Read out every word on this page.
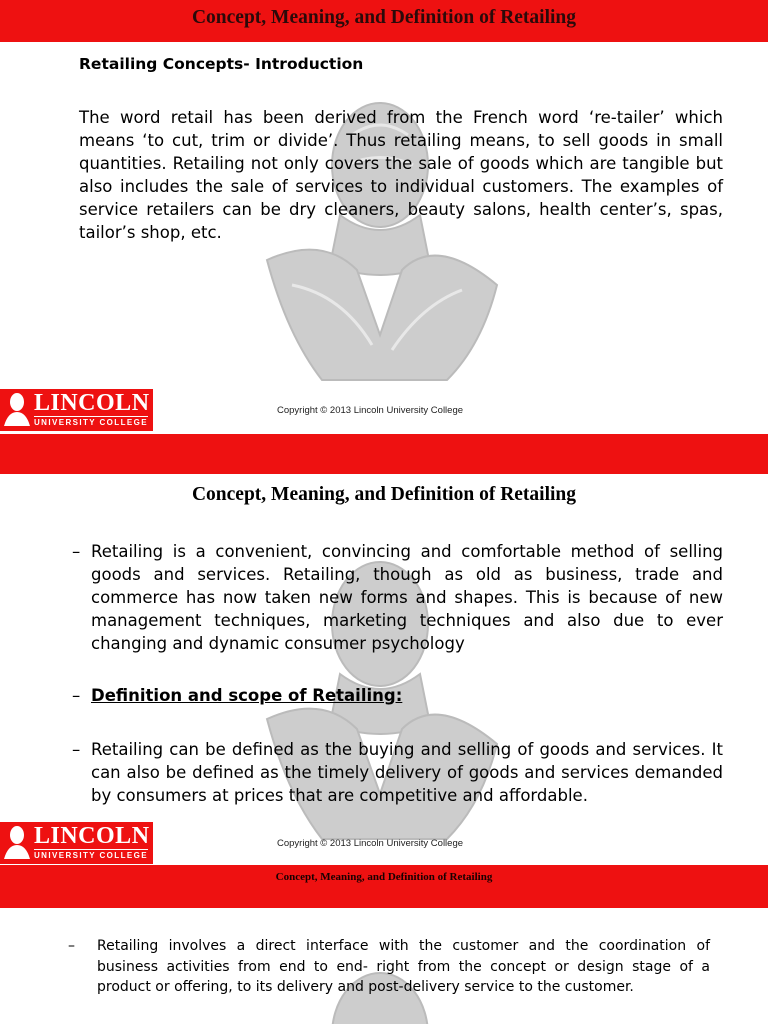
Concept, Meaning, and Definition of Retailing
Retailing Concepts- Introduction
The word retail has been derived from the French word ‘re-tailer’ which means ‘to cut, trim or divide’. Thus retailing means, to sell goods in small quantities. Retailing not only covers the sale of goods which are tangible but also includes the sale of services to individual customers. The examples of service retailers can be dry cleaners, beauty salons, health center’s, spas, tailor’s shop, etc.
LINCOLN
UNIVERSITY COLLEGE
Copyright © 2013 Lincoln University College
Concept, Meaning, and Definition of Retailing
– Retailing is a convenient, convincing and comfortable method of selling goods and services. Retailing, though as old as business, trade and commerce has now taken new forms and shapes. This is because of new management techniques, marketing techniques and also due to ever changing and dynamic consumer psychology
– Definition and scope of Retailing:
– Retailing can be defined as the buying and selling of goods and services. It can also be defined as the timely delivery of goods and services demanded by consumers at prices that are competitive and affordable.
LINCOLN
UNIVERSITY COLLEGE
Copyright © 2013 Lincoln University College
Concept, Meaning, and Definition of Retailing
– Retailing involves a direct interface with the customer and the coordination of business activities from end to end- right from the concept or design stage of a product or offering, to its delivery and post-delivery service to the customer.
